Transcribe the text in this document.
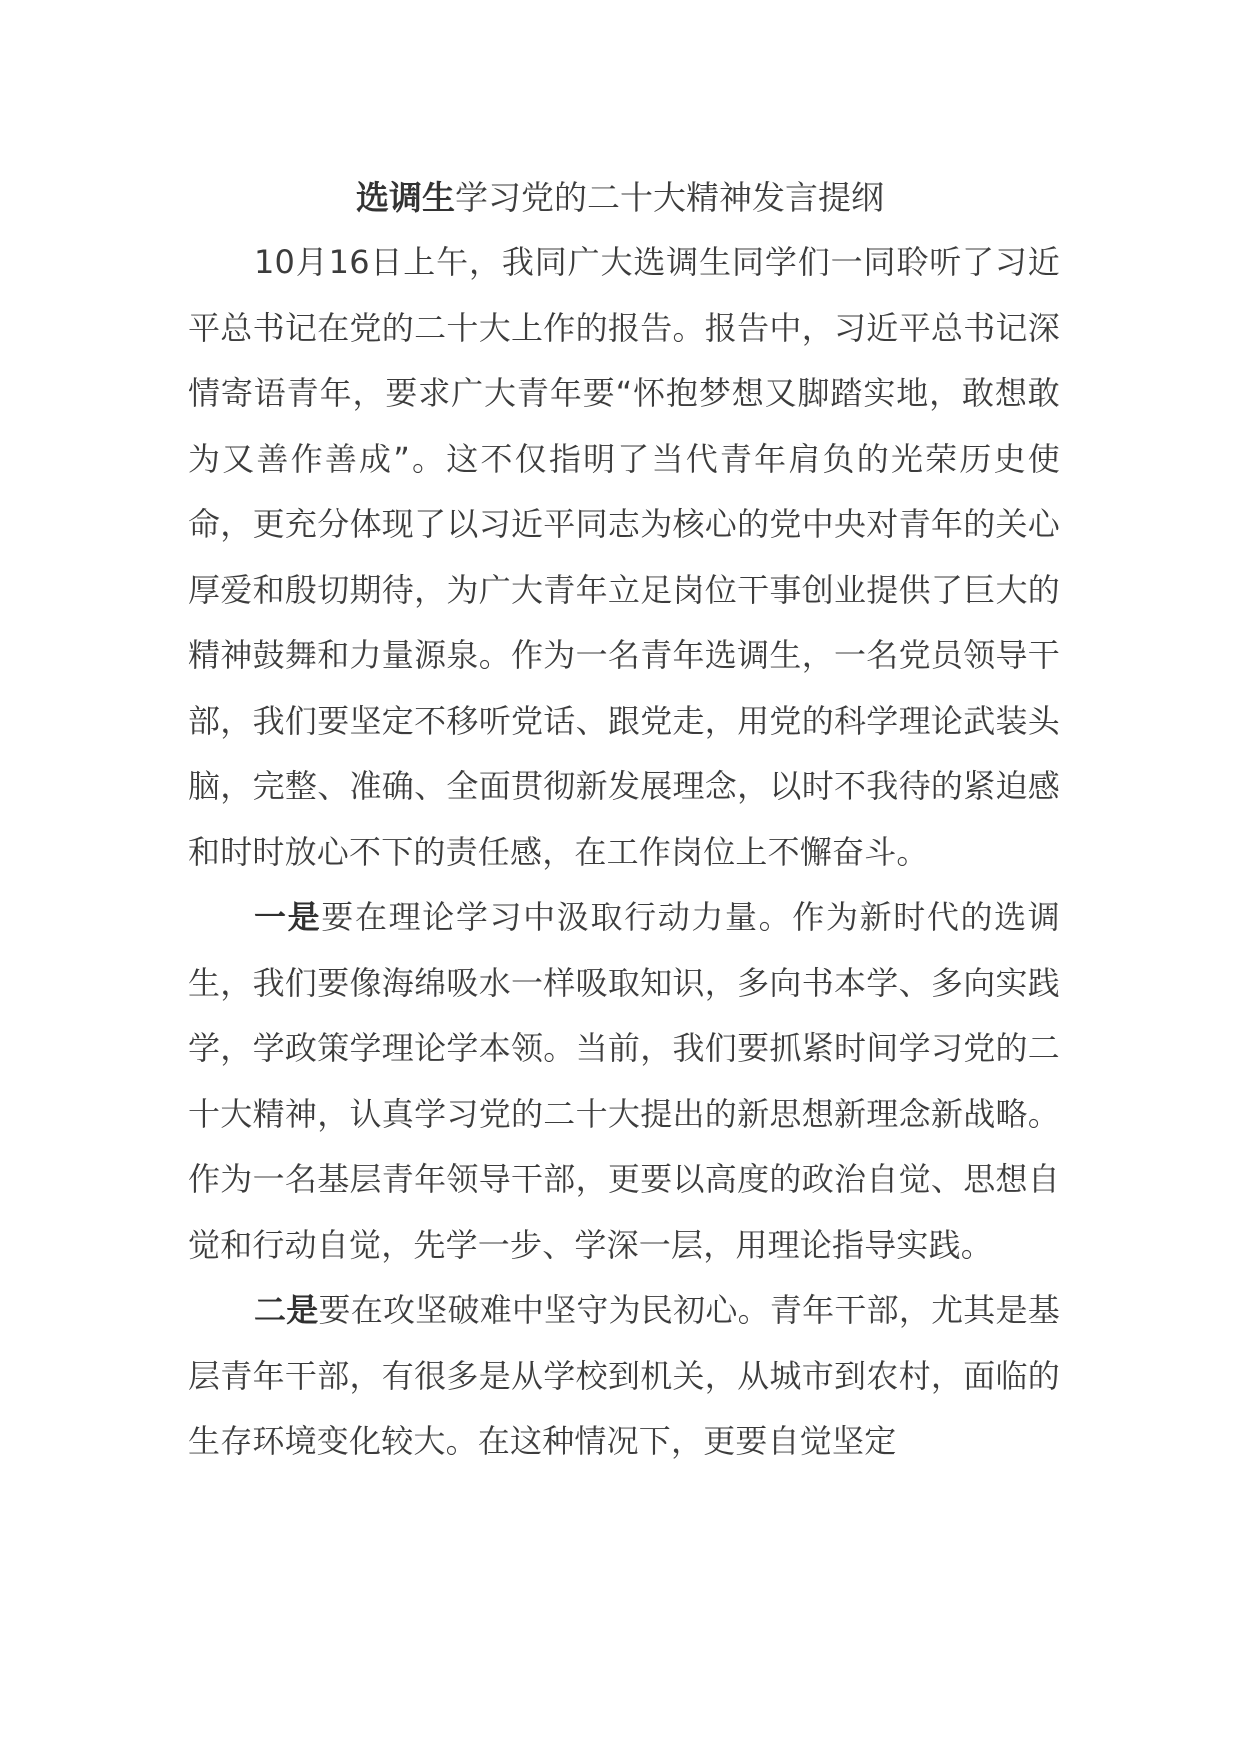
选调生学习党的二十大精神发言提纲

10月16日上午，我同广大选调生同学们一同聆听了习近平总书记在党的二十大上作的报告。报告中，习近平总书记深情寄语青年，要求广大青年要“怀抱梦想又脚踏实地，敢想敢为又善作善成”。这不仅指明了当代青年肩负的光荣历史使命，更充分体现了以习近平同志为核心的党中央对青年的关心厚爱和殷切期待，为广大青年立足岗位干事创业提供了巨大的精神鼓舞和力量源泉。作为一名青年选调生，一名党员领导干部，我们要坚定不移听党话、跟党走，用党的科学理论武装头脑，完整、准确、全面贯彻新发展理念，以时不我待的紧迫感和时时放心不下的责任感，在工作岗位上不懈奋斗。

一是要在理论学习中汲取行动力量。作为新时代的选调生，我们要像海绵吸水一样吸取知识，多向书本学、多向实践学，学政策学理论学本领。当前，我们要抓紧时间学习党的二十大精神，认真学习党的二十大提出的新思想新理念新战略。作为一名基层青年领导干部，更要以高度的政治自觉、思想自觉和行动自觉，先学一步、学深一层，用理论指导实践。

二是要在攻坚破难中坚守为民初心。青年干部，尤其是基层青年干部，有很多是从学校到机关，从城市到农村，面临的生存环境变化较大。在这种情况下，更要自觉坚定
